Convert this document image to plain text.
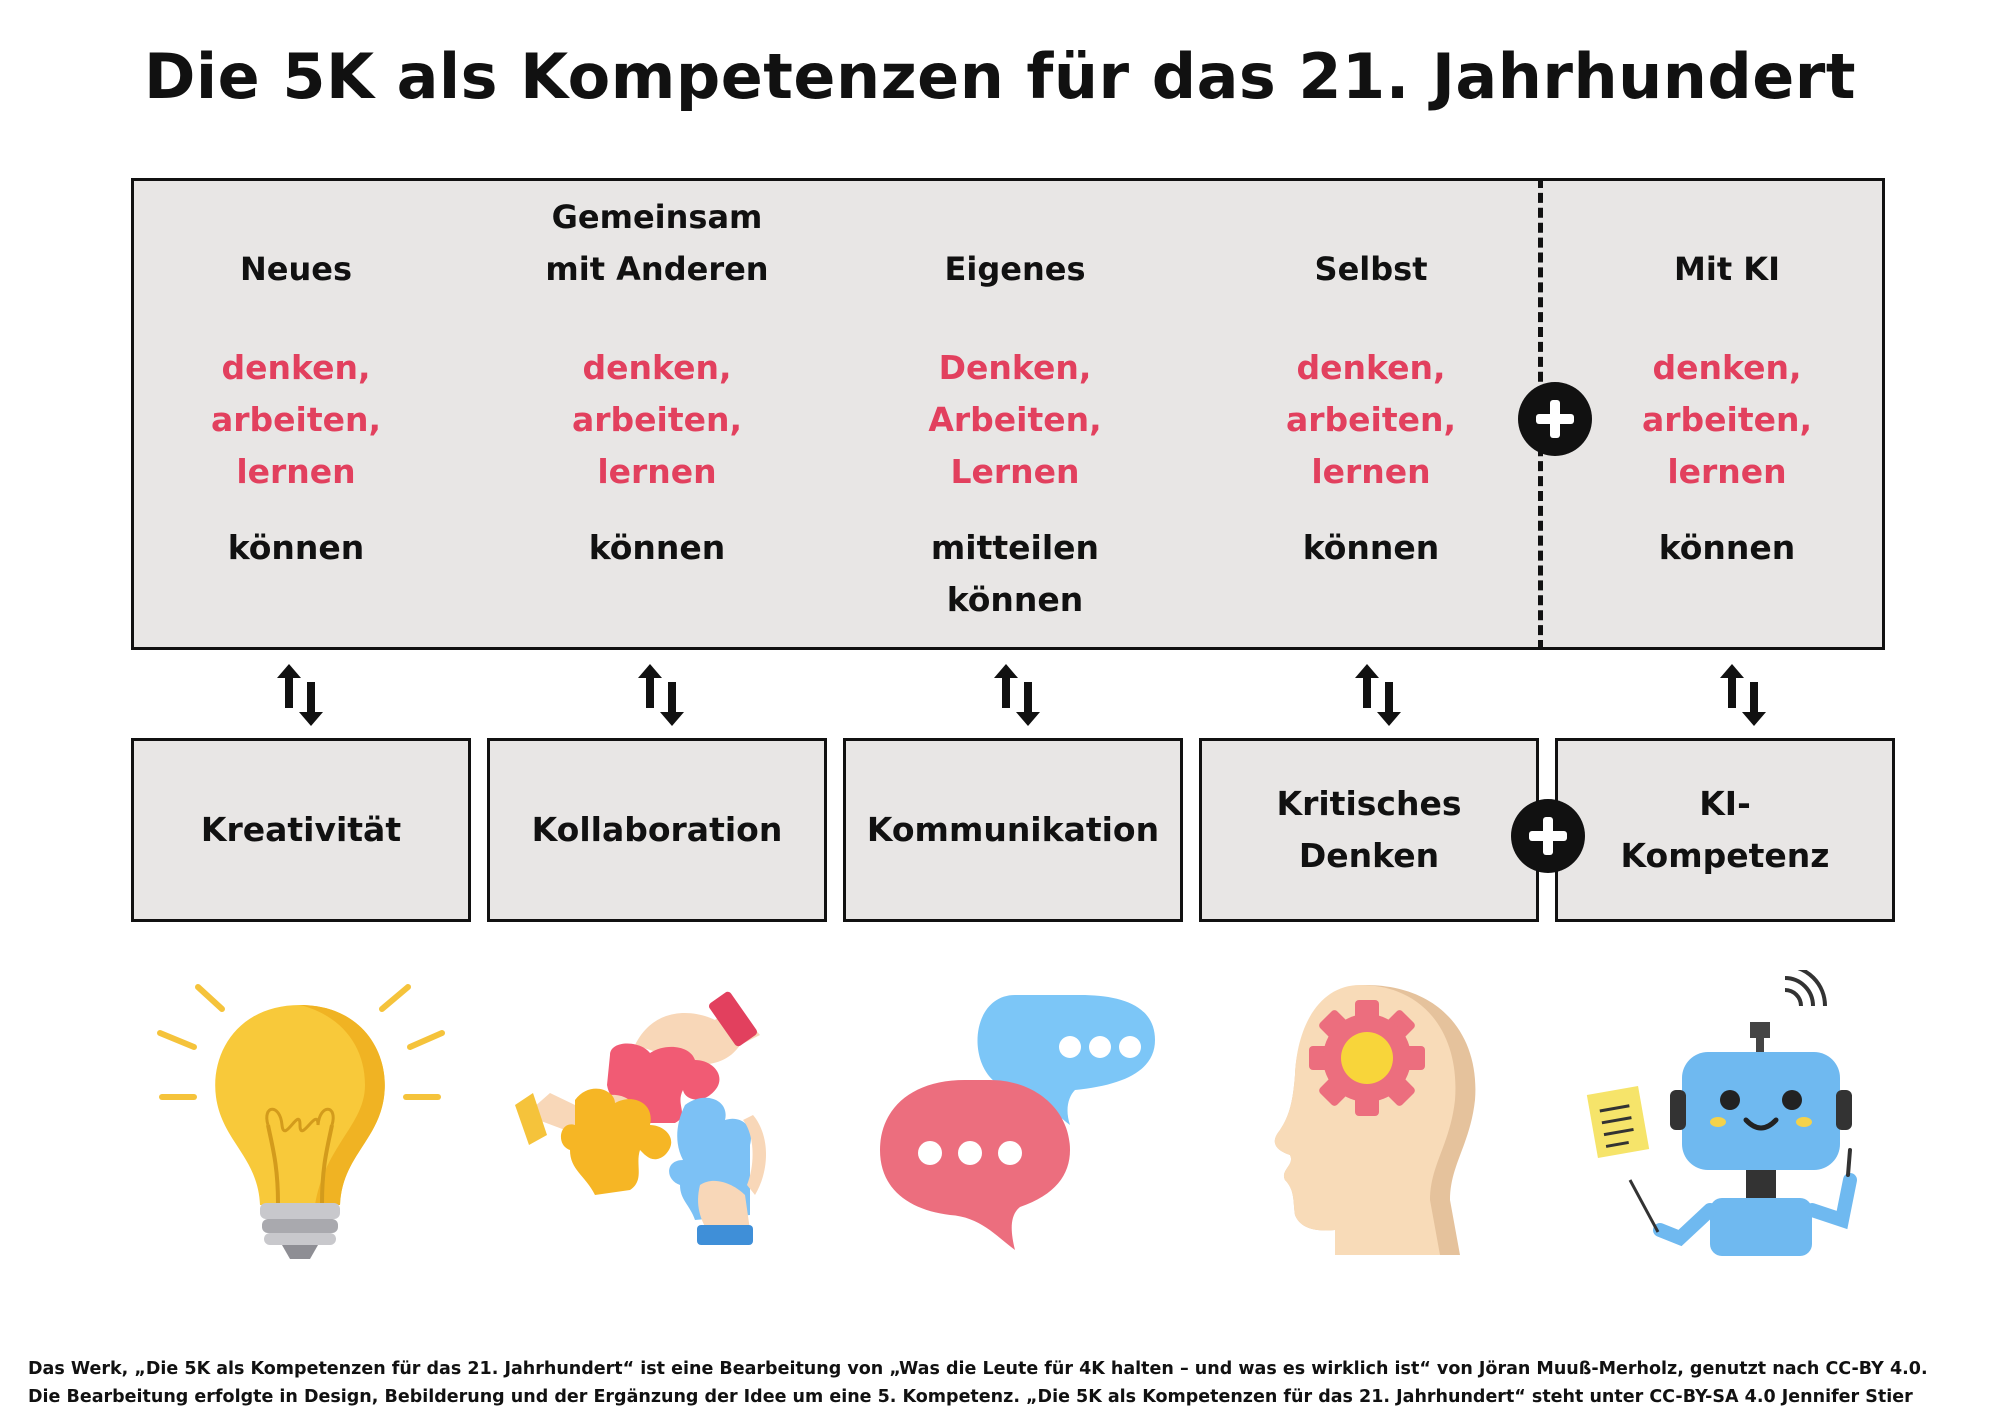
Die 5K als Kompetenzen für das 21. Jahrhundert
Neues
denken,
arbeiten,
lernen
können
Gemeinsam
mit Anderen
denken,
arbeiten,
lernen
können
Eigenes
Denken,
Arbeiten,
Lernen
mitteilen
können
Selbst
denken,
arbeiten,
lernen
können
Mit KI
denken,
arbeiten,
lernen
können
Kreativität	Kollaboration	Kommunikation
Kritisches
Denken
KI-
Kompetenz
Das Werk, „Die 5K als Kompetenzen für das 21. Jahrhundert“ ist eine Bearbeitung von „Was die Leute für 4K halten – und was es wirklich ist“ von Jöran Muuß-Merholz, genutzt nach CC-BY 4.0.
Die Bearbeitung erfolgte in Design, Bebilderung und der Ergänzung der Idee um eine 5. Kompetenz. „Die 5K als Kompetenzen für das 21. Jahrhundert“ steht unter CC-BY-SA 4.0 Jennifer Stier
